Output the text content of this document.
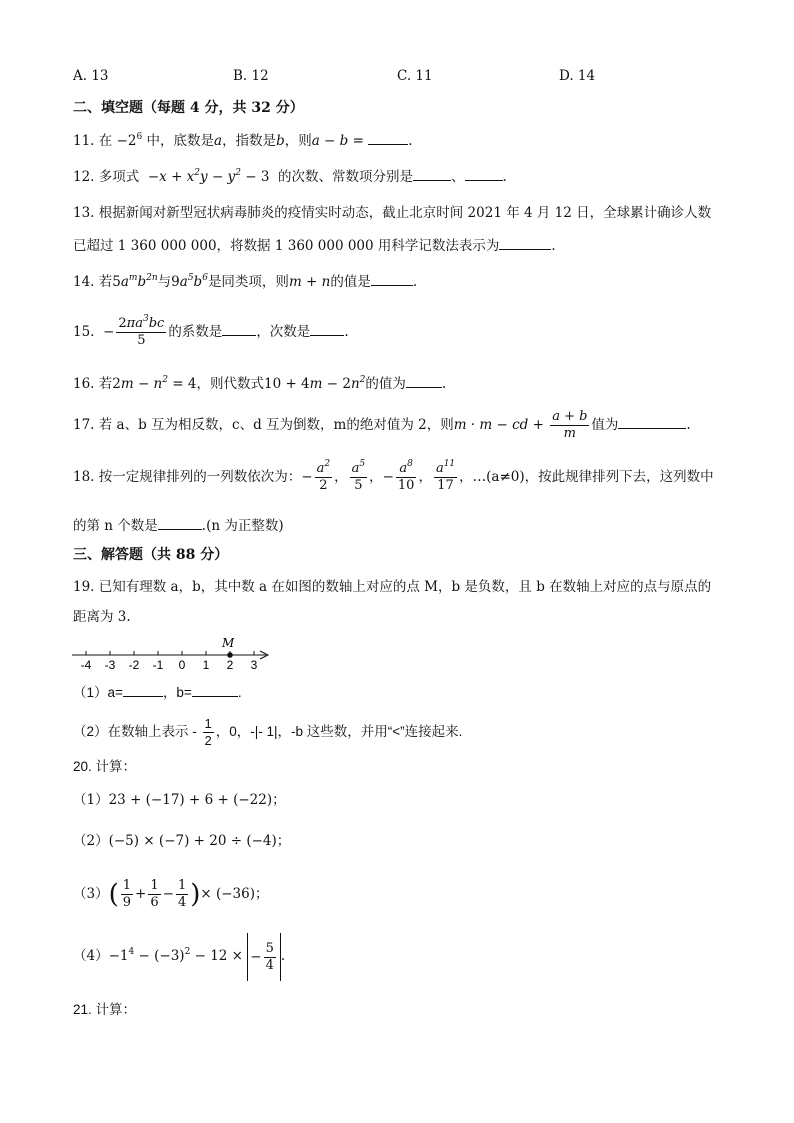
A. 13	B. 12	C. 11	D. 14
二、填空题（每题 4 分，共 32 分）
11. 在 $-2^6$ 中，底数是a，指数是b，则a − b =	.
12. 多项式  $-x + x^2y - y^2 - 3$ 的次数、常数项分别是	、	.
13. 根据新闻对新型冠状病毒肺炎的疫情实时动态，截止北京时间 2021 年 4 月 12 日，全球累计确诊人数
已超过 1 360 000 000，将数据 1 360 000 000 用科学记数法表示为	.
14. 若$5a^mb^{2n}$与$9a^5b^6$是同类项，则m + n的值是	.
15.  − $\frac{2\pi a^3bc}{5}$ 的系数是	，次数是	.
16. 若$2m - n^2 = 4$，则代数式$10 + 4m - 2n^2$的值为	.
17. 若 a、b 互为相反数，c、d 互为倒数，m的绝对值为 2，则m · m − cd + $\frac{a + b}{m}$ 值为	.
18. 按一定规律排列的一列数依次为：− $\frac{a^2}{2}$ ， $\frac{a^5}{5}$ ，− $\frac{a^8}{10}$ ， $\frac{a^{11}}{17}$ ，…(a≠0)，按此规律排列下去，这列数中
的第 n 个数是	.(n 为正整数)
三、解答题（共 88 分）
19. 已知有理数 a，b，其中数 a 在如图的数轴上对应的点 M，b 是负数，且 b 在数轴上对应的点与原点的
距离为 3.
-4 -3 -2 -1 0 1 2 3
M
（1）a=	，b=	.
（2）在数轴上表示 - $\frac{1}{2}$ ，0，-|- 1|，-b 这些数，并用“<”连接起来.
20. 计算：
（1）23 + (−17) + 6 + (−22)；
（2）(−5) × (−7) + 20 ÷ (−4)；
$(3)( \frac{1}{9} + \frac{1}{6} - \frac{1}{4}$ )× (−36)；
$(4)-1^4 - (-3)^2 - 12$ × − $\frac{5}{4}$ .
21. 计算：
